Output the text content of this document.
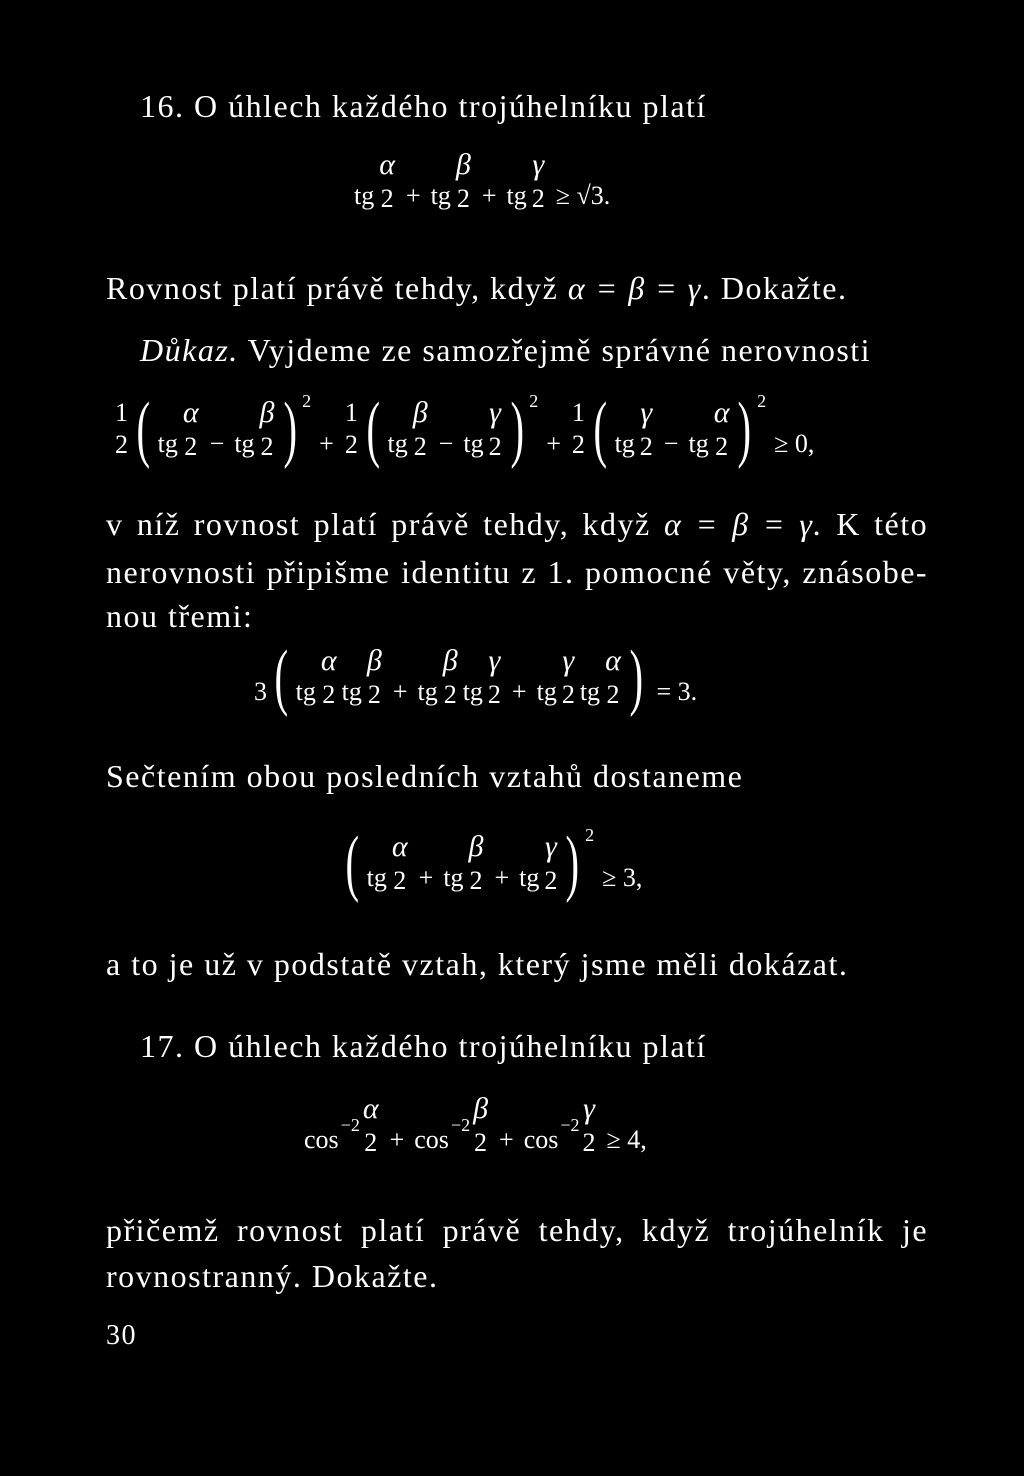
16. O úhlech každého trojúhelníku platí
tg
α
2 + tg
β
2 + tg
γ
2 ≥ √3.
Rovnost platí právě tehdy, když α = β = γ. Dokažte.
Důkaz. Vyjdeme ze samozřejmě správné nerovnosti
1
2 ( tg
α
2 − tg
β
2 ) 2
+
1
2 ( tg
β
2 − tg
γ
2 ) 2
+
1
2 ( tg
γ
2 − tg
α
2 ) 2
≥ 0,
v níž rovnost platí právě tehdy, když α = β = γ. K této
nerovnosti připišme identitu z 1. pomocné věty, znásobe-
nou třemi:
3 ( tg
α
2 tg
β
2 + tg
β
2 tg
γ
2 + tg
γ
2 tg
α
2 ) = 3.
Sečtením obou posledních vztahů dostaneme
( tg
α
2 + tg
β
2 + tg
γ
2 ) 2
≥ 3,
a to je už v podstatě vztah, který jsme měli dokázat.
17. O úhlech každého trojúhelníku platí
cos −2 α
2 + cos −2 β
2 + cos −2 γ
2 ≥ 4,
přičemž rovnost platí právě tehdy, když trojúhelník je
rovnostranný. Dokažte.
30
